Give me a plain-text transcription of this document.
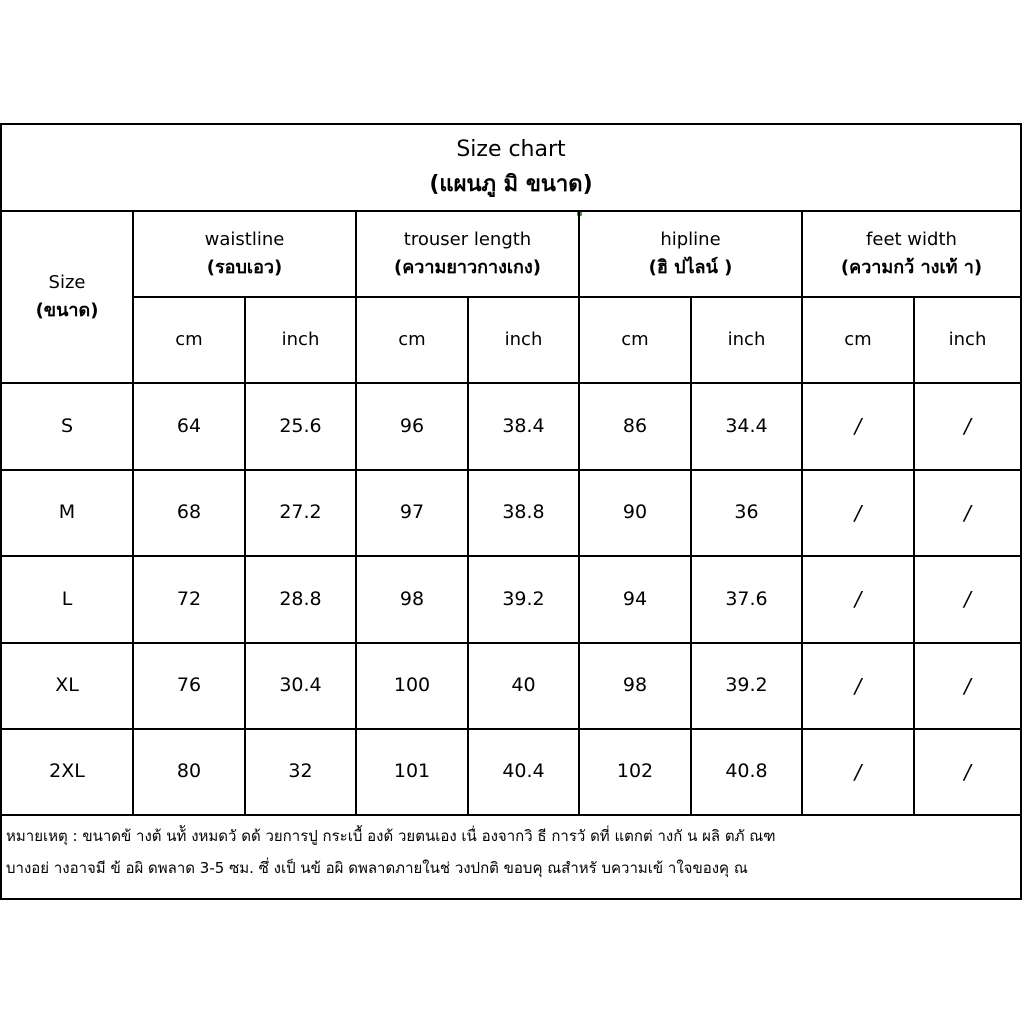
Size chart
(แผนภู มิ ขนาด)
Size
(ขนาด)
waistline
(รอบเอว)
trouser length
(ความยาวกางเกง)
hipline
(ฮิ ปไลน์ )
feet width
(ความกว้ างเท้ า)
cm	inch	cm	inch	cm	inch	cm	inch
S	64	25.6	96	38.4	86	34.4	/	/
M	68	27.2	97	38.8	90	36	/	/
L	72	28.8	98	39.2	94	37.6	/	/
XL	76	30.4	100	40	98	39.2	/	/
2XL	80	32	101	40.4	102	40.8	/	/
หมายเหตุ : ขนาดข้ างต้ นท้ั งหมดวั ดด้ วยการปู กระเบื้ องด้ วยตนเอง เนื่ องจากวิ ธี การวั ดที่ แตกต่ างกั น ผลิ ตภั ณฑ
บางอย่ างอาจมี ข้ อผิ ดพลาด 3-5 ซม. ซึ่ งเป็ นข้ อผิ ดพลาดภายในช่ วงปกติ ขอบคุ ณสำหรั บความเข้ าใจของคุ ณ
